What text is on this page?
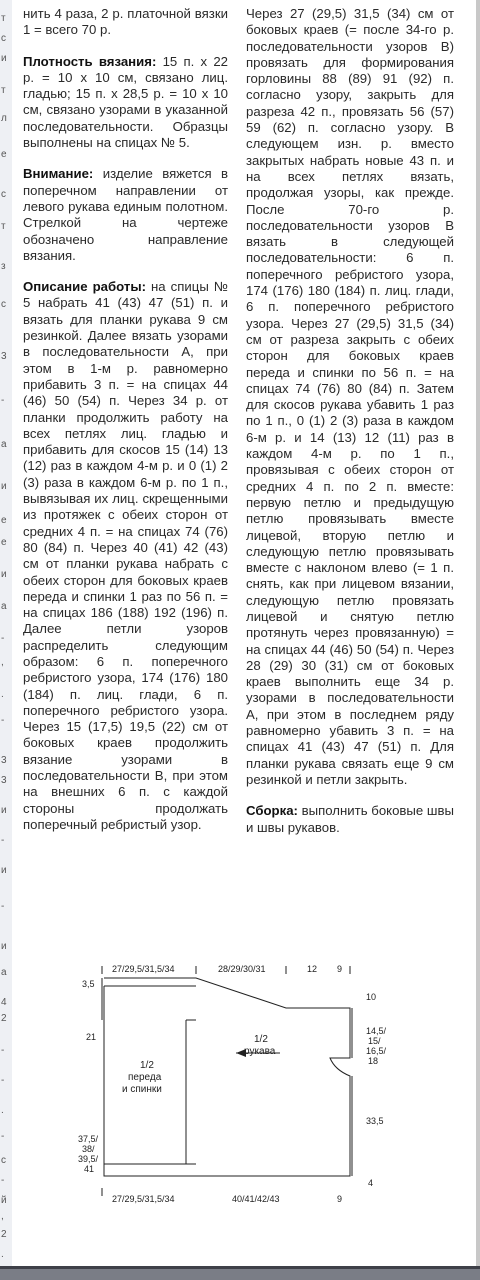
т
с
и
т
л
е
с
т
з
с
3
-
а
и
е
е
и
а
-
,
.
-
3
3
и
-
и
-
и
а
4
2
-
-
.
-
с
-
й
,
2
.

нить 4 раза, 2 р. платочной вязки 1 = всего 70 р.

Плотность вязания: 15 п. х 22 р. = 10 х 10 см, связано лиц. гладью; 15 п. х 28,5 р. = 10 х 10 см, связано узорами в указанной последовательности. Образцы выполнены на спицах № 5.

Внимание: изделие вяжется в поперечном направлении от левого рукава единым полотном. Стрелкой на чертеже обозначено направление вязания.

Описание работы: на спицы № 5 набрать 41 (43) 47 (51) п. и вязать для планки рукава 9 см резинкой. Далее вязать узорами в последовательности А, при этом в 1-м р. равномерно прибавить 3 п. = на спицах 44 (46) 50 (54) п. Через 34 р. от планки продолжить работу на всех петлях лиц. гладью и прибавить для скосов 15 (14) 13 (12) раз в каждом 4-м р. и 0 (1) 2 (3) раза в каждом 6-м р. по 1 п., вывязывая их лиц. скрещенными из протяжек с обеих сторон от средних 4 п. = на спицах 74 (76) 80 (84) п. Через 40 (41) 42 (43) см от планки рукава набрать с обеих сторон для боковых краев переда и спинки 1 раз по 56 п. = на спицах 186 (188) 192 (196) п. Далее петли узоров распределить следующим образом: 6 п. поперечного ребристого узора, 174 (176) 180 (184) п. лиц. глади, 6 п. поперечного ребристого узора. Через 15 (17,5) 19,5 (22) см от боковых краев продолжить вязание узорами в последовательности В, при этом на внешних 6 п. с каждой стороны продолжать поперечный ребристый узор.

Через 27 (29,5) 31,5 (34) см от боковых краев (= после 34-го р. последовательности узоров В) провязать для формирования горловины 88 (89) 91 (92) п. согласно узору, закрыть для разреза 42 п., провязать 56 (57) 59 (62) п. согласно узору. В следующем изн. р. вместо закрытых набрать новые 43 п. и на всех петлях вязать, продолжая узоры, как прежде. После 70-го р. последовательности узоров В вязать в следующей последовательности: 6 п. поперечного ребристого узора, 174 (176) 180 (184) п. лиц. глади, 6 п. поперечного ребристого узора. Через 27 (29,5) 31,5 (34) см от разреза закрыть с обеих сторон для боковых краев переда и спинки по 56 п. = на спицах 74 (76) 80 (84) п. Затем для скосов рукава убавить 1 раз по 1 п., 0 (1) 2 (3) раза в каждом 6-м р. и 14 (13) 12 (11) раз в каждом 4-м р. по 1 п., провязывая с обеих сторон от средних 4 п. по 2 п. вместе: первую петлю и предыдущую петлю провязывать вместе лицевой, вторую петлю и следующую петлю провязывать вместе с наклоном влево (= 1 п. снять, как при лицевом вязании, следующую петлю провязать лицевой и снятую петлю протянуть через провязанную) = на спицах 44 (46) 50 (54) п. Через 28 (29) 30 (31) см от боковых краев выполнить еще 34 р. узорами в последовательности А, при этом в последнем ряду равномерно убавить 3 п. = на спицах 41 (43) 47 (51) п. Для планки рукава связать еще 9 см резинкой и петли закрыть.

Сборка: выполнить боковые швы и швы рукавов.

27/29,5/31,5/34	28/29/30/31	12 9
27/29,5/31,5/34	40/41/42/43	9
3,5
21
37,5/
38/
39,5/
41
10
14,5/
15/
16,5/
18
33,5
4
1/2
переда
и спинки
1/2
рукава
